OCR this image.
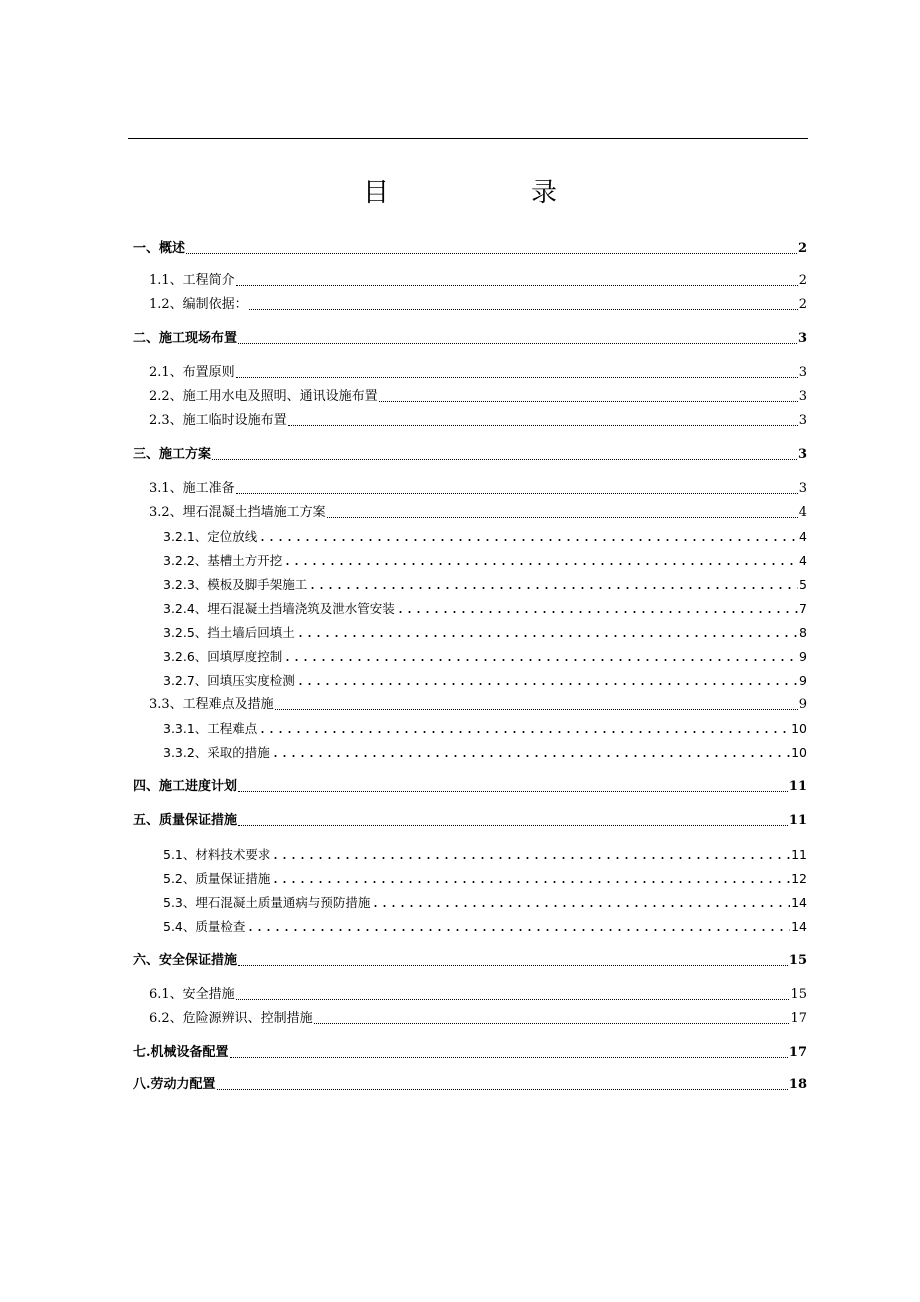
目　录
一、概述	2
1.1、工程简介	2
1.2、编制依据：	2
二、施工现场布置	3
2.1、布置原则	3
2.2、施工用水电及照明、通讯设施布置	3
2.3、施工临时设施布置	3
三、施工方案	3
3.1、施工准备	3
3.2、埋石混凝土挡墙施工方案	4
3.2.1、定位放线	4
3.2.2、基槽土方开挖	4
3.2.3、模板及脚手架施工	5
3.2.4、埋石混凝土挡墙浇筑及泄水管安装	7
3.2.5、挡土墙后回填土	8
3.2.6、回填厚度控制	9
3.2.7、回填压实度检测	9
3.3、工程难点及措施	9
3.3.1、工程难点	10
3.3.2、采取的措施	10
四、施工进度计划	11
五、质量保证措施	11
5.1、材料技术要求	11
5.2、质量保证措施	12
5.3、埋石混凝土质量通病与预防措施	14
5.4、质量检查	14
六、安全保证措施	15
6.1、安全措施	15
6.2、危险源辨识、控制措施	17
七.机械设备配置	17
八.劳动力配置	18
